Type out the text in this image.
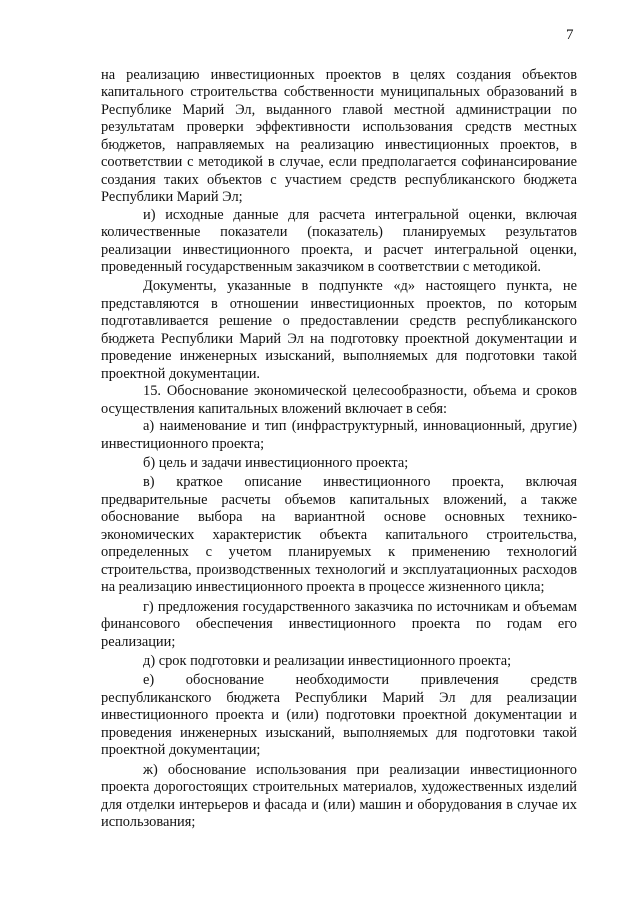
7

на реализацию инвестиционных проектов в целях создания объектов капитального строительства собственности муниципальных образований в Республике Марий Эл, выданного главой местной администрации по результатам проверки эффективности использования средств местных бюджетов, направляемых на реализацию инвестиционных проектов, в соответствии с методикой в случае, если предполагается софинансирование создания таких объектов с участием средств республиканского бюджета Республики Марий Эл;

и) исходные данные для расчета интегральной оценки, включая количественные показатели (показатель) планируемых результатов реализации инвестиционного проекта, и расчет интегральной оценки, проведенный государственным заказчиком в соответствии с методикой.

Документы, указанные в подпункте «д» настоящего пункта, не представляются в отношении инвестиционных проектов, по которым подготавливается решение о предоставлении средств республиканского бюджета Республики Марий Эл на подготовку проектной документации и проведение инженерных изысканий, выполняемых для подготовки такой проектной документации.

15. Обоснование экономической целесообразности, объема и сроков осуществления капитальных вложений включает в себя:

а) наименование и тип (инфраструктурный, инновационный, другие) инвестиционного проекта;

б) цель и задачи инвестиционного проекта;

в) краткое описание инвестиционного проекта, включая предварительные расчеты объемов капитальных вложений, а также обоснование выбора на вариантной основе основных технико-экономических характеристик объекта капитального строительства, определенных с учетом планируемых к применению технологий строительства, производственных технологий и эксплуатационных расходов на реализацию инвестиционного проекта в процессе жизненного цикла;

г) предложения государственного заказчика по источникам и объемам финансового обеспечения инвестиционного проекта по годам его реализации;

д) срок подготовки и реализации инвестиционного проекта;

е) обоснование необходимости привлечения средств республиканского бюджета Республики Марий Эл для реализации инвестиционного проекта и (или) подготовки проектной документации и проведения инженерных изысканий, выполняемых для подготовки такой проектной документации;

ж) обоснование использования при реализации инвестиционного проекта дорогостоящих строительных материалов, художественных изделий для отделки интерьеров и фасада и (или) машин и оборудования в случае их использования;
